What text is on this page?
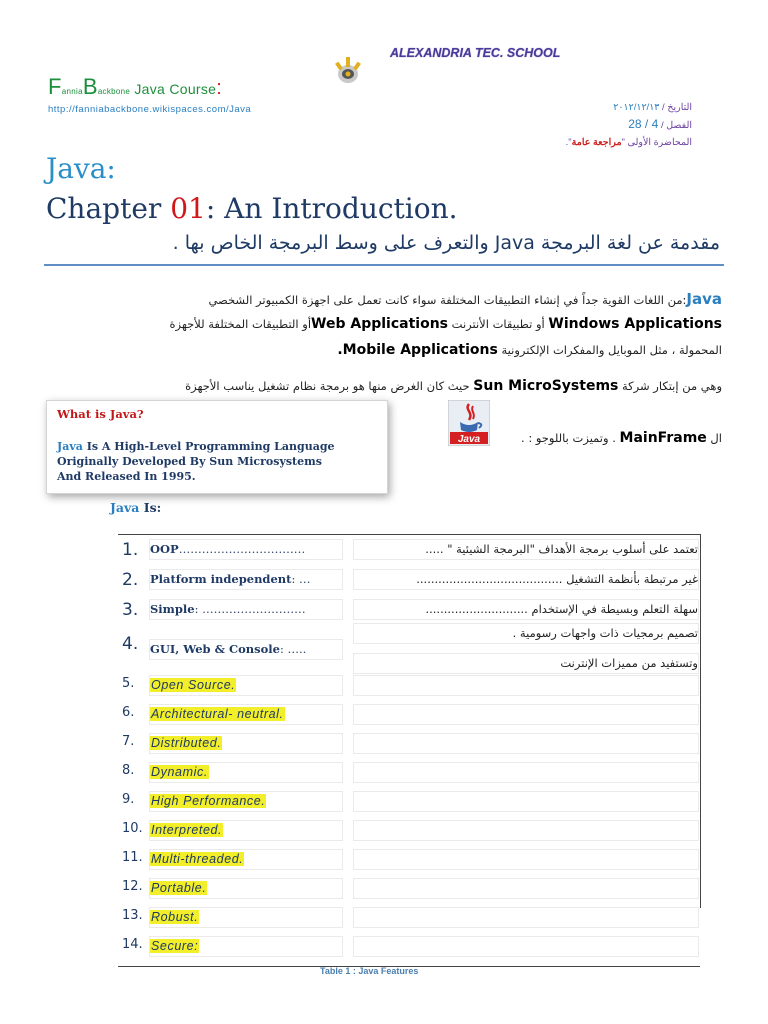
ALEXANDRIA TEC. SCHOOL
FanniaBackbone Java Course:
http://fanniabackbone.wikispaces.com/Java	التاريخ / ٢٠١٢/١٢/١٣
الفصل / 4 / 28
المحاضرة الأولى "مراجعة عامة".
Java:
Chapter 01: An Introduction.
مقدمة عن لغة البرمجة Java والتعرف على وسط البرمجة الخاص بها .
Java:من اللغات القوية جداً في إنشاء التطبيقات المختلفة سواء كانت تعمل على اجهزة الكمبيوتر الشخصي
Windows Applications أو تطبيقات الأنترنت Web Applicationsأو التطبيقات المختلفة للأجهزة
المحمولة ، مثل الموبايل والمفكرات الإلكترونية Mobile Applications.
وهي من إبتكار شركة Sun MicroSystems حيث كان الغرض منها هو برمجة نظام تشغيل يناسب الأجهزة
ال MainFrame . وتميزت باللوجو : .
Java
What is Java?
Java Is A High-Level Programming Language
Originally Developed By Sun Microsystems
And Released In 1995.
Java Is:
1.	OOP……………………………	تعتمد على أسلوب برمجة الأهداف "البرمجة الشيئية " .....
2.	Platform independent: …	غير مرتبطة بأنظمة التشغيل ........................................
3.	Simple: ………………………	سهلة التعلم وبسيطة في الإستخدام ............................
4.	GUI, Web & Console: …..
تصميم برمجيات ذات واجهات رسومية .
وتستفيد من مميزات الإنترنت
5.	Open Source.
6.	Architectural- neutral.
7.	Distributed.
8.	Dynamic.
9.	High Performance.
10. Interpreted.
11. Multi-threaded.
12. Portable.
13. Robust.
14. Secure:
Table 1 : Java Features
